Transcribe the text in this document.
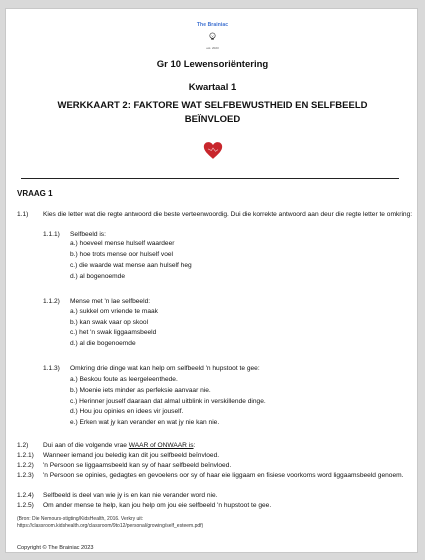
The Brainiac
est. 2023
Gr 10 Lewensoriëntering
Kwartaal 1
WERKKAART 2: FAKTORE WAT SELFBEWUSTHEID EN SELFBEELD BEÏNVLOED
VRAAG 1
1.1) Kies die letter wat die regte antwoord die beste verteenwoordig. Dui die korrekte antwoord aan deur die regte letter te omkring:
1.1.1) Selfbeeld is:
a.) hoeveel mense hulself waardeer
b.) hoe trots mense oor hulself voel
c.) die waarde wat mense aan hulself heg
d.) al bogenoemde
1.1.2) Mense met 'n lae selfbeeld:
a.) sukkel om vriende te maak
b.) kan swak vaar op skool
c.) het 'n swak liggaamsbeeld
d.) al die bogenoemde
1.1.3) Omkring drie dinge wat kan help om selfbeeld 'n hupstoot te gee:
a.) Beskou foute as leergeleenthede.
b.) Moenie iets minder as perfeksie aanvaar nie.
c.) Herinner jouself daaraan dat almal uitblink in verskillende dinge.
d.) Hou jou opinies en idees vir jouself.
e.) Erken wat jy kan verander en wat jy nie kan nie.
1.2) Dui aan of die volgende vrae WAAR of ONWAAR is:
1.2.1) Wanneer iemand jou beledig kan dit jou selfbeeld beïnvloed.
1.2.2) 'n Persoon se liggaamsbeeld kan sy of haar selfbeeld beïnvloed.
1.2.3) 'n Persoon se opinies, gedagtes en gevoelens oor sy of haar eie liggaam en fisiese voorkoms word liggaamsbeeld genoem.
1.2.4) Selfbeeld is deel van wie jy is en kan nie verander word nie.
1.2.5) Om ander mense te help, kan jou help om jou eie selfbeeld 'n hupstoot te gee.
(Bron: Die Nemours-stigting/KidsHealth, 2016. Verkry uit:
https://classroom.kidshealth.org/classroom/9to12/personal/growing/self_esteem.pdf)
Copyright © The Brainiac 2023
